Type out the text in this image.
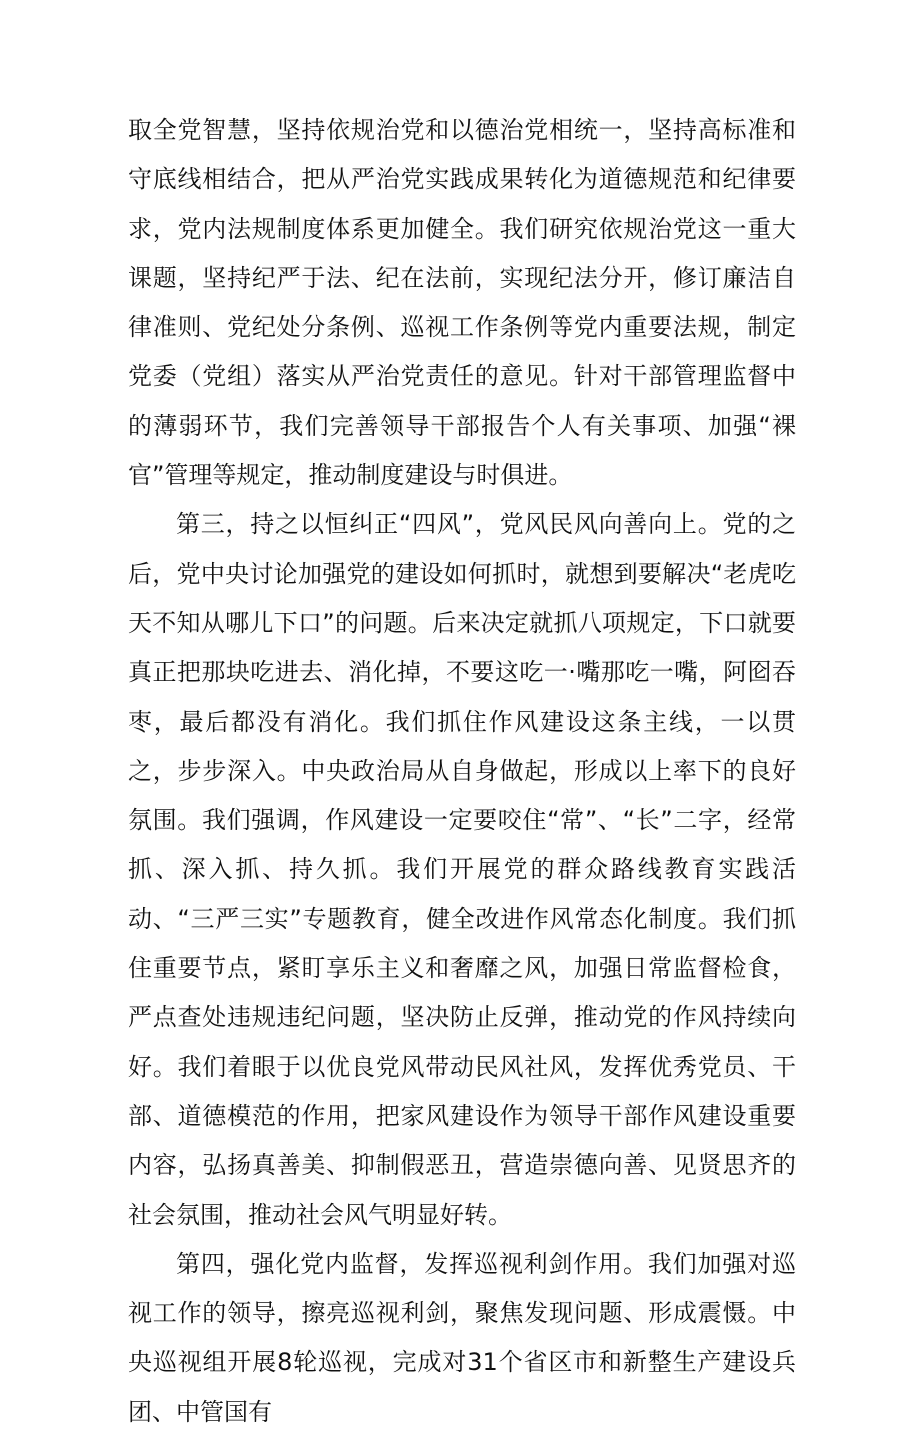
取全党智慧，坚持依规治党和以德治党相统一，坚持高标准和守底线相结合，把从严治党实践成果转化为道德规范和纪律要求，党内法规制度体系更加健全。我们研究依规治党这一重大课题，坚持纪严于法、纪在法前，实现纪法分开，修订廉洁自律准则、党纪处分条例、巡视工作条例等党内重要法规，制定党委（党组）落实从严治党责任的意见。针对干部管理监督中的薄弱环节，我们完善领导干部报告个人有关事项、加强“裸官”管理等规定，推动制度建设与时俱进。

第三，持之以恒纠正“四风”，党风民风向善向上。党的之后，党中央讨论加强党的建设如何抓时，就想到要解决“老虎吃天不知从哪儿下口”的问题。后来决定就抓八项规定，下口就要真正把那块吃进去、消化掉，不要这吃一·嘴那吃一嘴，阿囵吞枣，最后都没有消化。我们抓住作风建设这条主线，一以贯之，步步深入。中央政治局从自身做起，形成以上率下的良好氛围。我们强调，作风建设一定要咬住“常”、“长”二字，经常抓、深入抓、持久抓。我们开展党的群众路线教育实践活动、“三严三实”专题教育，健全改进作风常态化制度。我们抓住重要节点，紧盯享乐主义和奢靡之风，加强日常监督检食，严点查处违规违纪问题，坚决防止反弹，推动党的作风持续向好。我们着眼于以优良党风带动民风社风，发挥优秀党员、干部、道德模范的作用，把家风建设作为领导干部作风建设重要内容，弘扬真善美、抑制假恶丑，营造崇德向善、见贤思齐的社会氛围，推动社会风气明显好转。

第四，强化党内监督，发挥巡视利剑作用。我们加强对巡视工作的领导，擦亮巡视利剑，聚焦发现问题、形成震慑。中央巡视组开展8轮巡视，完成对31个省区市和新整生产建设兵团、中管国有
